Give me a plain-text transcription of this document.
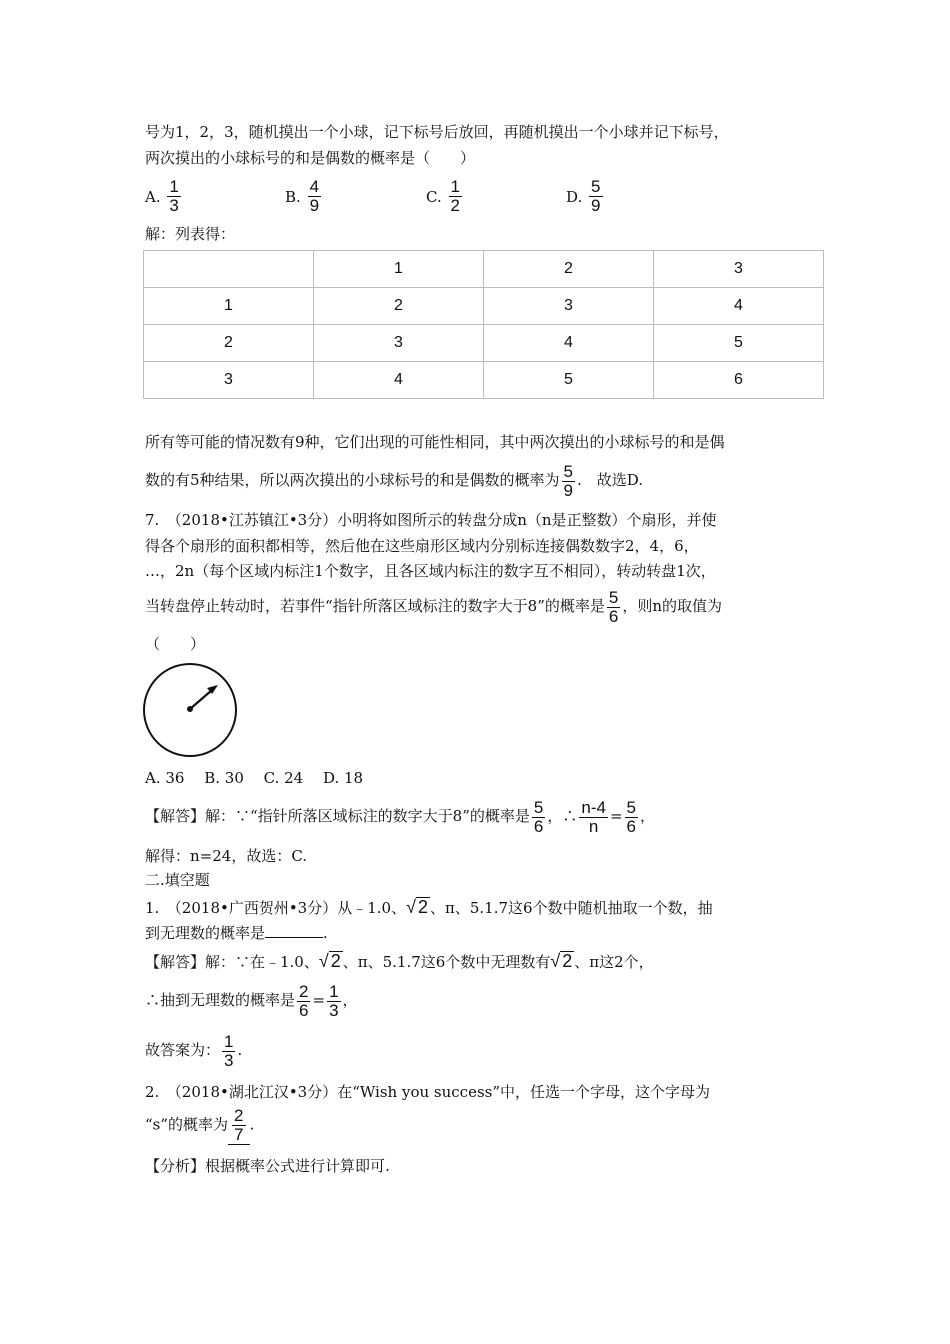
号为1，2，3，随机摸出一个小球，记下标号后放回，再随机摸出一个小球并记下标号，
两次摸出的小球标号的和是偶数的概率是（　　）
A. $\frac{1}{3}$	B. $\frac{4}{9}$	C. $\frac{1}{2}$	D. $\frac{5}{9}$
解：列表得：
	1	2	3
1	2	3	4
2	3	4	5
3	4	5	6
所有等可能的情况数有9种，它们出现的可能性相同，其中两次摸出的小球标号的和是偶
数的有5种结果，所以两次摸出的小球标号的和是偶数的概率为 $\frac{5}{9}$ .　故选D.
7.　（2018•江苏镇江•3分）小明将如图所示的转盘分成n（n是正整数）个扇形，并使
得各个扇形的面积都相等，然后他在这些扇形区域内分别标连接偶数数字2，4，6，
…，2n（每个区域内标注1个数字，且各区域内标注的数字互不相同），转动转盘1次，
当转盘停止转动时，若事件“指针所落区域标注的数字大于8”的概率是 $\frac{5}{6}$ ，则n的取值为
（　　）
A. 36　 B. 30　 C. 24　 D. 18
【解答】解：∵“指针所落区域标注的数字大于8”的概率是 $\frac{5}{6}$ ，∴ $\frac{n-4}{n} = \frac{5}{6}$ ，
解得：n=24，故选：C.
二.填空题
1.　（2018•广西贺州•3分）从﹣1.0、√ 2 、π、5.1.7这6个数中随机抽取一个数，抽
到无理数的概率是	.
【解答】解：∵在﹣1.0、√ 2 、π、5.1.7这6个数中无理数有√ 2 、π这2个，
∴抽到无理数的概率是 $\frac{2}{6} = \frac{1}{3}$ ，
故答案为： $\frac{1}{3}$ .
2.　（2018•湖北江汉•3分）在“Wish you success”中，任选一个字母，这个字母为
“s”的概率为 $\frac{2}{7}$ .
【分析】根据概率公式进行计算即可.
